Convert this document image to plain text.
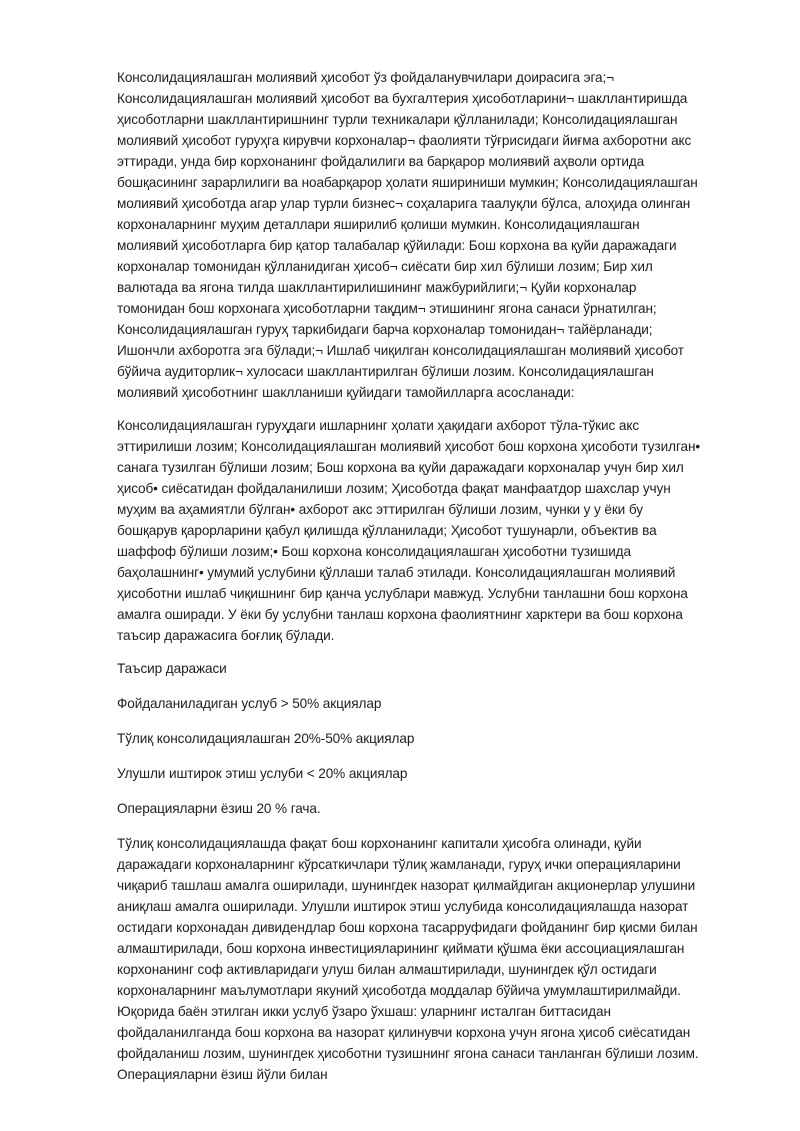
Консолидациялашган молиявий ҳисобот ўз фойдаланувчилари доирасига эга;¬ Консолидациялашган молиявий ҳисобот ва бухгалтерия ҳисоботларини¬ шакллантиришда ҳисоботларни шакллантиришнинг турли техникалари қўлланилади; Консолидациялашган молиявий ҳисобот гуруҳга кирувчи корхоналар¬ фаолияти тўғрисидаги йиғма ахборотни акс эттиради, унда бир корхонанинг фойдалилиги ва барқарор молиявий аҳволи ортида бошқасининг зарарлилиги ва ноабарқарор ҳолати яшириниши мумкин; Консолидациялашган молиявий ҳисоботда агар улар турли бизнес¬ соҳаларига таалуқли бўлса, алоҳида олинган корхоналарнинг муҳим деталлари яширилиб қолиши мумкин. Консолидациялашган молиявий ҳисоботларга бир қатор талабалар қўйилади: Бош корхона ва қуйи даражадаги корхоналар томонидан қўлланидиган ҳисоб¬ сиёсати бир хил бўлиши лозим; Бир хил валютада ва ягона тилда шакллантирилишининг мажбурийлиги;¬ Қуйи корхоналар томонидан бош корхонага ҳисоботларни тақдим¬ этишининг ягона санаси ўрнатилган; Консолидациялашган гуруҳ таркибидаги барча корхоналар томонидан¬ тайёрланади; Ишончли ахборотга эга бўлади;¬ Ишлаб чиқилган консолидациялашган молиявий ҳисобот бўйича аудиторлик¬ хулосаси шакллантирилган бўлиши лозим. Консолидациялашган молиявий ҳисоботнинг шаклланиши қуйидаги тамойилларга асосланади:

Консолидациялашган гуруҳдаги ишларнинг ҳолати ҳақидаги ахборот тўла-тўкис акс эттирилиши лозим; Консолидациялашган молиявий ҳисобот бош корхона ҳисоботи тузилган• санага тузилган бўлиши лозим; Бош корхона ва қуйи даражадаги корхоналар учун бир хил ҳисоб• сиёсатидан фойдаланилиши лозим; Ҳисоботда фақат манфаатдор шахслар учун муҳим ва аҳамиятли бўлган• ахборот акс эттирилган бўлиши лозим, чунки у у ёки бу бошқарув қарорларини қабул қилишда қўлланилади; Ҳисобот тушунарли, объектив ва шаффоф бўлиши лозим;• Бош корхона консолидациялашган ҳисоботни тузишида баҳолашнинг• умумий услубини қўллаши талаб этилади. Консолидациялашган молиявий ҳисоботни ишлаб чиқишнинг бир қанча услублари мавжуд. Услубни танлашни бош корхона амалга оширади. У ёки бу услубни танлаш корхона фаолиятнинг харктери ва бош корхона таъсир даражасига боғлиқ бўлади.

Таъсир даражаси

Фойдаланиладиган услуб > 50% акциялар

Тўлиқ консолидациялашган 20%-50% акциялар

Улушли иштирок этиш услуби < 20% акциялар

Операцияларни ёзиш 20 % гача.

Тўлиқ консолидациялашда фақат бош корхонанинг капитали ҳисобга олинади, қуйи даражадаги корхоналарнинг кўрсаткичлари тўлиқ жамланади, гуруҳ ички операцияларини чиқариб ташлаш амалга оширилади, шунингдек назорат қилмайдиган акционерлар улушини аниқлаш амалга оширилади. Улушли иштирок этиш услубида консолидациялашда назорат остидаги корхонадан дивидендлар бош корхона тасарруфидаги фойданинг бир қисми билан алмаштирилади, бош корхона инвестицияларининг қиймати қўшма ёки ассоциациялашган корхонанинг соф активларидаги улуш билан алмаштирилади, шунингдек қўл остидаги корхоналарнинг маълумотлари якуний ҳисоботда моддалар бўйича умумлаштирилмайди. Юқорида баён этилган икки услуб ўзаро ўхшаш: уларнинг исталган биттасидан фойдаланилганда бош корхона ва назорат қилинувчи корхона учун ягона ҳисоб сиёсатидан фойдаланиш лозим, шунингдек ҳисоботни тузишнинг ягона санаси танланган бўлиши лозим. Операцияларни ёзиш йўли билан
